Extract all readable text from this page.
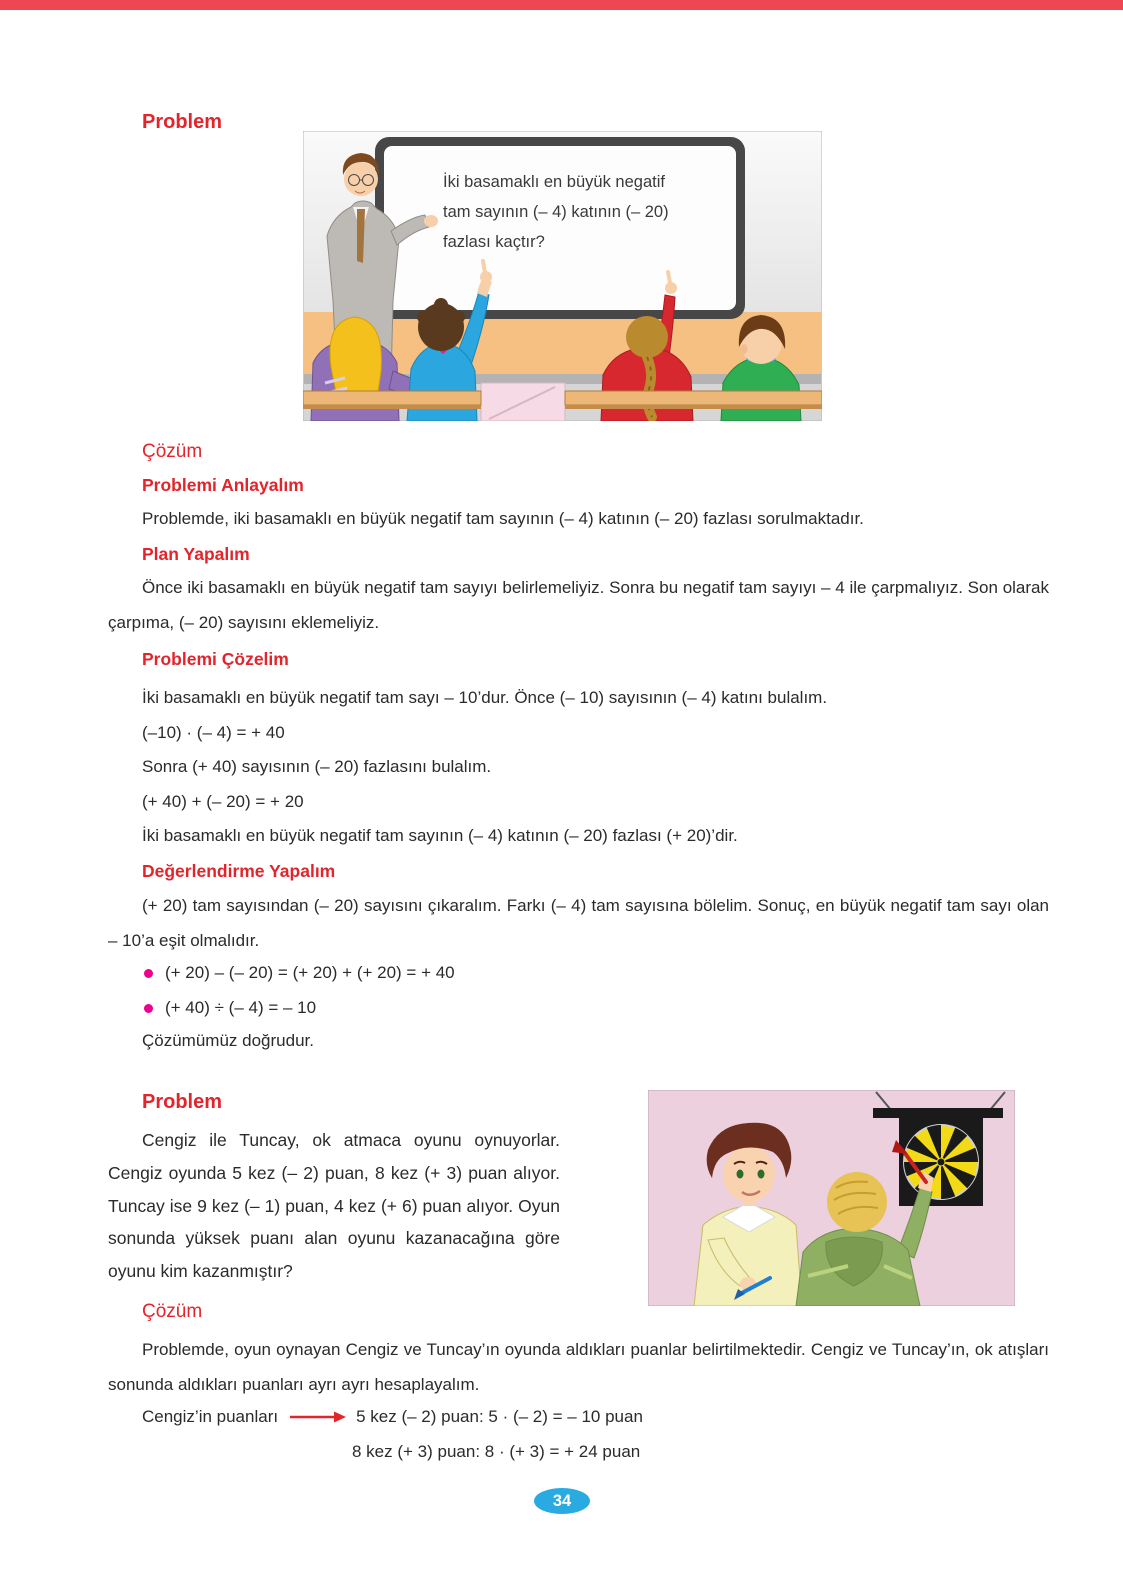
Problem
İki basamaklı en büyük negatif
tam sayının (– 4) katının (– 20)
fazlası kaçtır?
Çözüm
Problemi Anlayalım
Problemde, iki basamaklı en büyük negatif tam sayının (– 4) katının (– 20) fazlası sorulmaktadır.
Plan Yapalım
Önce iki basamaklı en büyük negatif tam sayıyı belirlemeliyiz. Sonra bu negatif tam sayıyı – 4 ile çarpmalıyız. Son olarak çarpıma, (– 20) sayısını eklemeliyiz.
Problemi Çözelim
İki basamaklı en büyük negatif tam sayı – 10’dur. Önce (– 10) sayısının (– 4) katını bulalım.
(–10) · (– 4) = + 40
Sonra (+ 40) sayısının (– 20) fazlasını bulalım.
(+ 40) + (– 20) = + 20
İki basamaklı en büyük negatif tam sayının (– 4) katının (– 20) fazlası (+ 20)’dir.
Değerlendirme Yapalım
(+ 20) tam sayısından (– 20) sayısını çıkaralım. Farkı (– 4) tam sayısına bölelim. Sonuç, en büyük negatif tam sayı olan – 10’a eşit olmalıdır.
(+ 20) – (– 20) = (+ 20) + (+ 20) = + 40
(+ 40) ÷ (– 4) = – 10
Çözümümüz doğrudur.
Problem
Cengiz ile Tuncay, ok atmaca oyunu oynuyorlar. Cengiz oyunda 5 kez (– 2) puan, 8 kez (+ 3) puan alıyor. Tuncay ise 9 kez (– 1) puan, 4 kez (+ 6) puan alıyor. Oyun sonunda yüksek puanı alan oyunu kazanacağına göre oyunu kim kazanmıştır?
Çözüm
Problemde, oyun oynayan Cengiz ve Tuncay’ın oyunda aldıkları puanlar belirtilmektedir. Cengiz ve Tuncay’ın, ok atışları sonunda aldıkları puanları ayrı ayrı hesaplayalım.
Cengiz’in puanları	5 kez (– 2) puan: 5 · (– 2) = – 10 puan
8 kez (+ 3) puan: 8 · (+ 3) = + 24 puan
34
